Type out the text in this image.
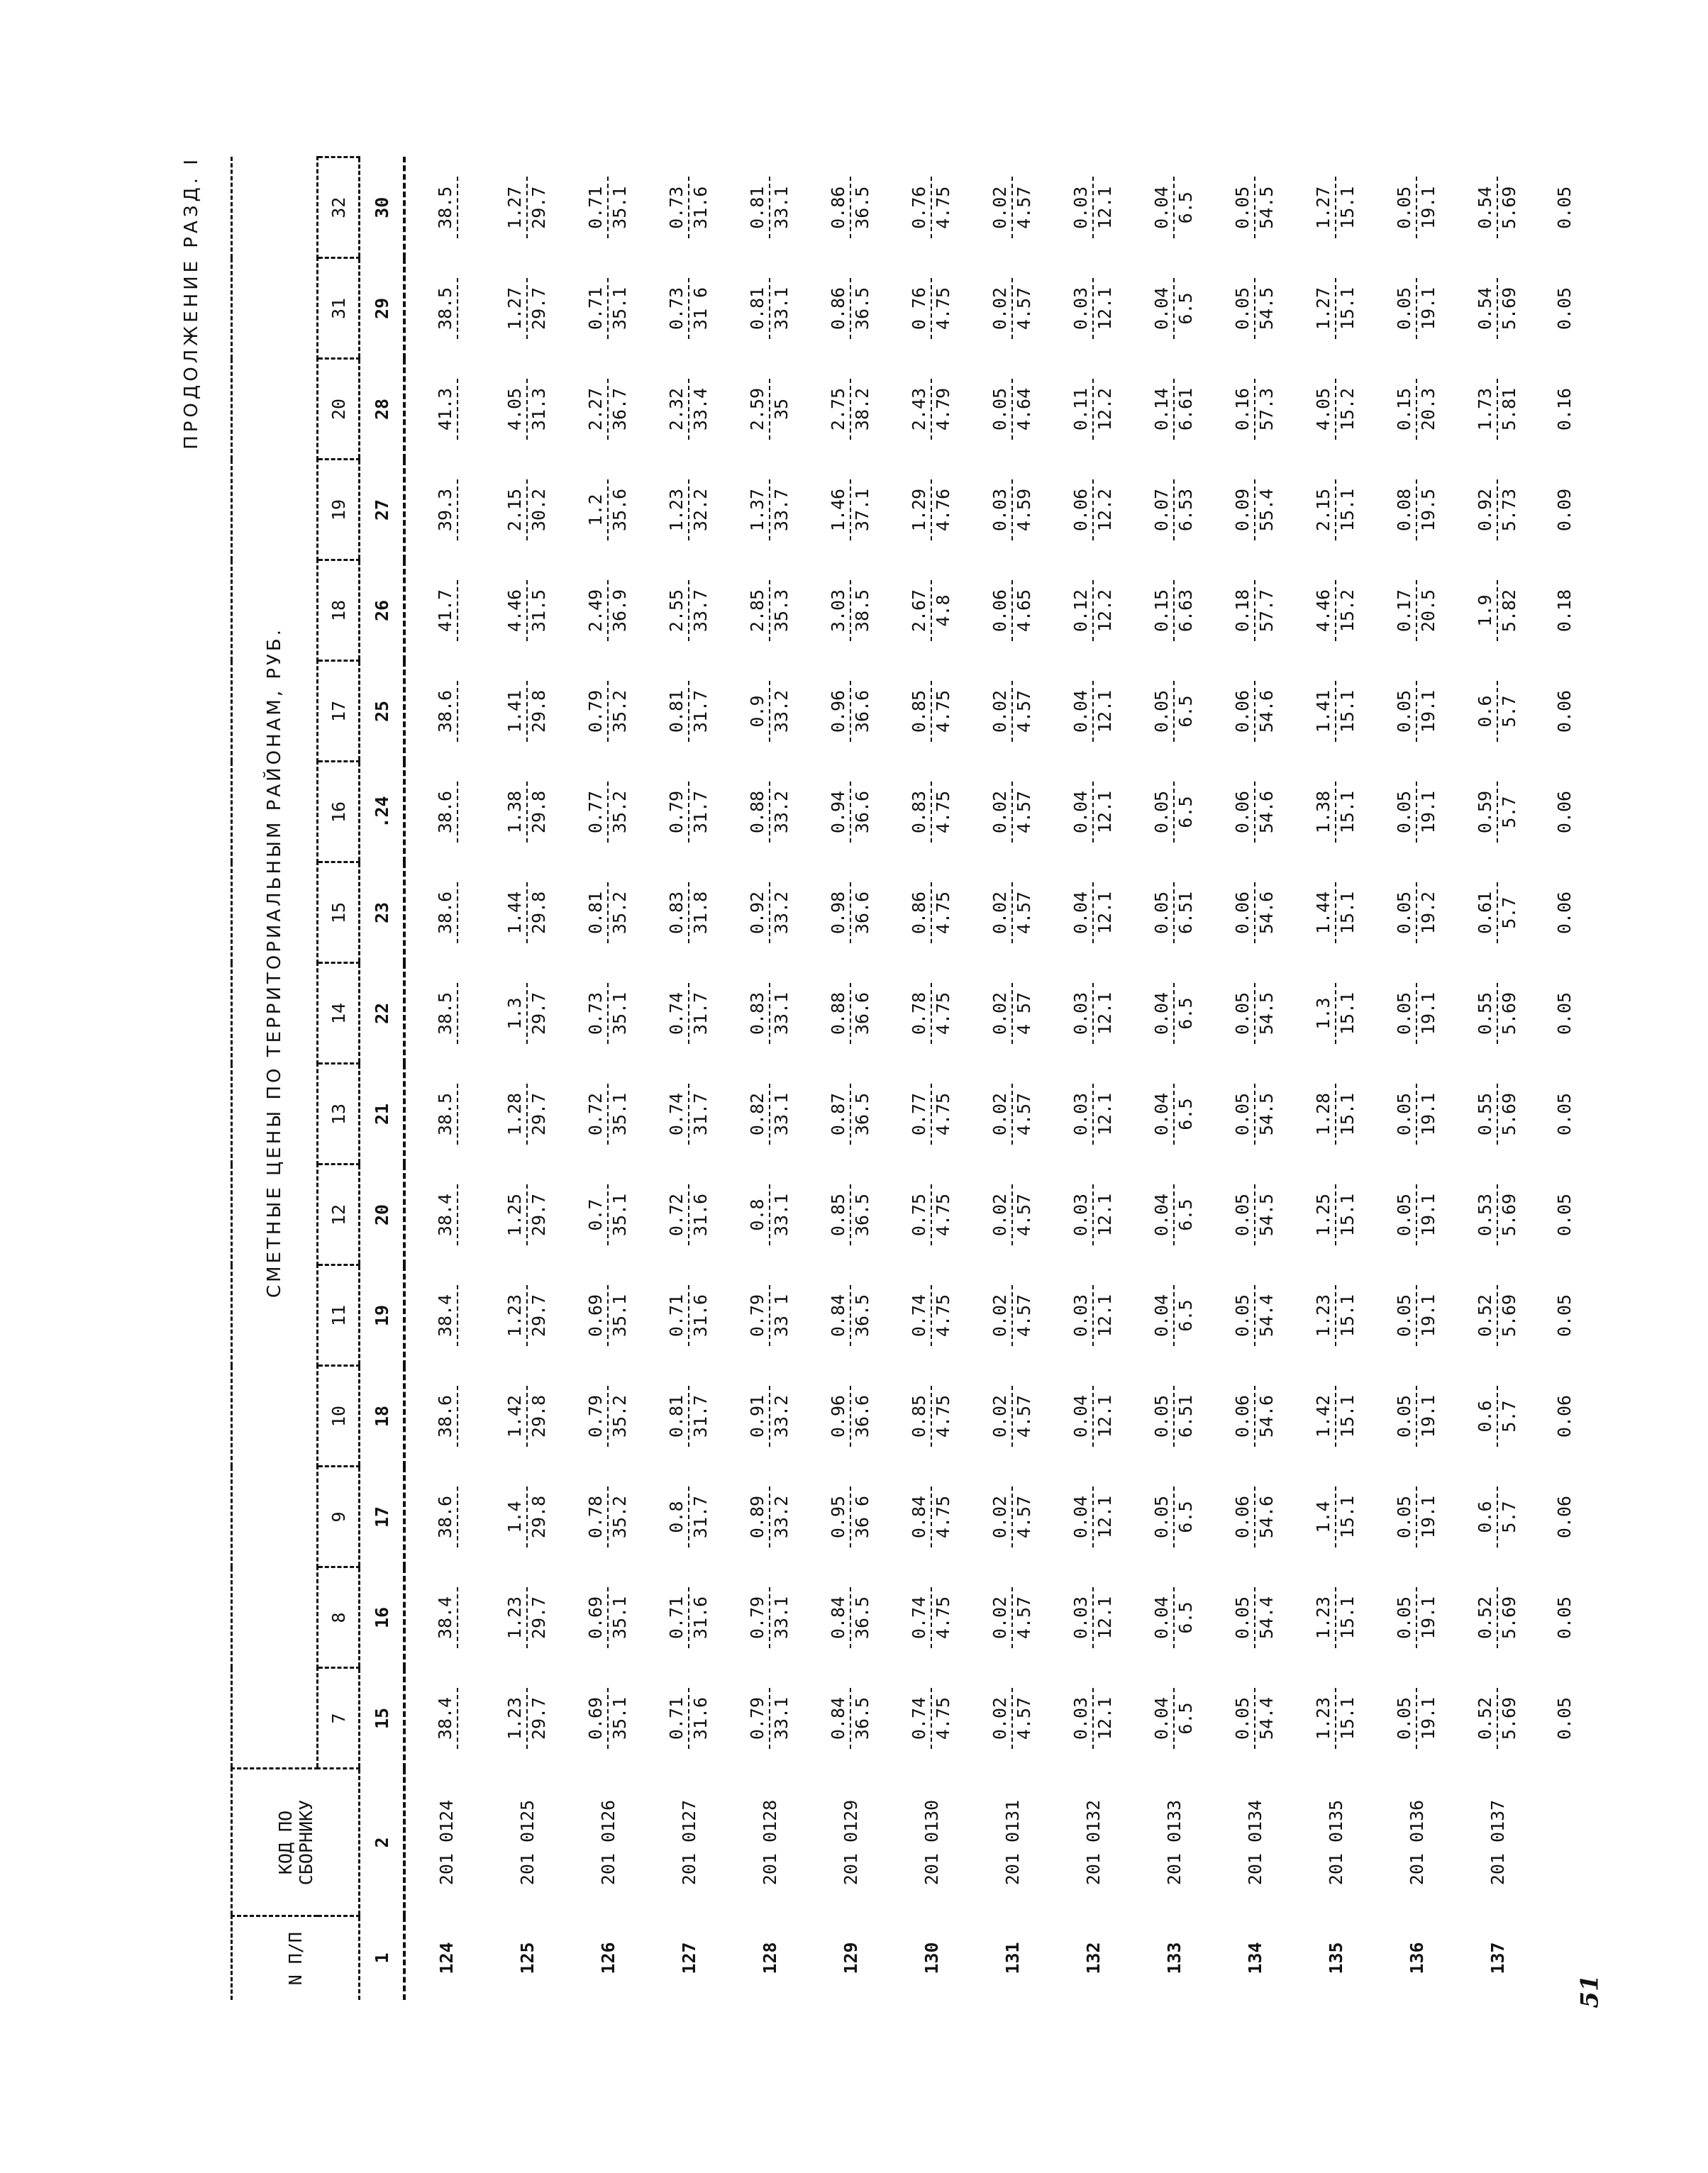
ПРОДОЛЖЕНИЕ РАЗД. I
N П/П	КОД ПО СБОРНИКУ	СМЕТНЫЕ ЦЕНЫ ПО ТЕРРИТОРИАЛЬНЫМ РАЙОНАМ, РУБ.															
		7	8	9	10	11	12	13	14	15	16	17	18	19	20	31	32
1	2	15	16	17	18	19	20	21	22	23	.24	25	26	27	28	29	30
124	201 0124	38.4	38.4	38.6	38.6	38.4	38.4	38.5	38.5	38.6	38.6	38.6	41.7	39.3	41.3	38.5	38.5

125	201 0125	1.23 29.7	1.23 29.7	1.4 29.8	1.42 29.8	1.23 29.7	1.25 29.7	1.28 29.7	1.3 29.7	1.44 29.8	1.38 29.8	1.41 29.8	4.46 31.5	2.15 30.2	4.05 31.3	1.27 29.7	1.27 29.7

126	201 0126	0.69 35.1	0.69 35.1	0.78 35.2	0.79 35.2	0.69 35.1	0.7 35.1	0.72 35.1	0.73 35.1	0.81 35.2	0.77 35.2	0.79 35.2	2.49 36.9	1.2 35.6	2.27 36.7	0.71 35.1	0.71 35.1

127	201 0127	0.71 31.6	0.71 31.6	0.8 31.7	0.81 31.7	0.71 31.6	0.72 31.6	0.74 31.7	0.74 31.7	0.83 31.8	0.79 31.7	0.81 31.7	2.55 33.7	1.23 32.2	2.32 33.4	0.73 31 6	0.73 31.6

128	201 0128	0.79 33.1	0.79 33.1	0.89 33.2	0.91 33.2	0.79 33 1	0.8 33.1	0.82 33.1	0.83 33.1	0.92 33.2	0.88 33.2	0.9 33.2	2.85 35.3	1.37 33.7	2.59 35	0.81 33.1	0.81 33.1

129	201 0129	0.84 36.5	0.84 36.5	0.95 36 6	0.96 36.6	0.84 36.5	0.85 36.5	0.87 36.5	0.88 36.6	0.98 36.6	0.94 36.6	0.96 36.6	3.03 38.5	1.46 37.1	2.75 38.2	0.86 36.5	0.86 36.5

130	201 0130	0.74 4.75	0.74 4.75	0.84 4.75	0.85 4.75	0.74 4.75	0.75 4.75	0.77 4.75	0.78 4.75	0.86 4.75	0.83 4.75	0.85 4.75	2.67 4.8	1.29 4.76	2.43 4.79	0 76 4.75	0.76 4.75

131	201 0131	0.02 4.57	0.02 4.57	0.02 4.57	0.02 4.57	0.02 4.57	0.02 4.57	0.02 4.57	0.02 4 57	0.02 4.57	0.02 4.57	0.02 4.57	0.06 4.65	0.03 4.59	0.05 4.64	0.02 4.57	0.02 4.57

132	201 0132	0.03 12.1	0.03 12.1	0.04 12.1	0.04 12.1	0.03 12.1	0.03 12.1	0.03 12.1	0.03 12.1	0.04 12.1	0.04 12.1	0.04 12.1	0.12 12.2	0.06 12.2	0.11 12.2	0.03 12.1	0.03 12.1

133	201 0133	0.04 6.5	0.04 6.5	0.05 6.5	0.05 6.51	0.04 6.5	0.04 6.5	0.04 6.5	0.04 6.5	0.05 6.51	0.05 6.5	0.05 6.5	0.15 6.63	0.07 6.53	0.14 6.61	0.04 6.5	0.04 6.5

134	201 0134	0.05 54.4	0.05 54.4	0.06 54.6	0.06 54.6	0.05 54.4	0.05 54.5	0.05 54.5	0.05 54.5	0.06 54.6	0.06 54.6	0.06 54.6	0.18 57.7	0.09 55.4	0.16 57.3	0.05 54.5	0.05 54.5

135	201 0135	1.23 15.1	1.23 15.1	1.4 15.1	1.42 15.1	1.23 15.1	1.25 15.1	1.28 15.1	1.3 15.1	1.44 15.1	1.38 15.1	1.41 15.1	4.46 15.2	2.15 15.1	4.05 15.2	1.27 15.1	1.27 15.1

136	201 0136	0.05 19.1	0.05 19.1	0.05 19.1	0.05 19.1	0.05 19.1	0.05 19.1	0.05 19.1	0.05 19.1	0.05 19.2	0.05 19.1	0.05 19.1	0.17 20.5	0.08 19.5	0.15 20.3	0.05 19.1	0.05 19.1

137	201 0137	0.52 5.69	0.52 5.69	0.6 5.7	0.6 5.7	0.52 5.69	0.53 5.69	0.55 5.69	0.55 5.69	0.61 5.7	0.59 5.7	0.6 5.7	1.9 5.82	0.92 5.73	1.73 5.81	0.54 5.69	0.54 5.69

		0.05	0.05	0.06	0.06	0.05	0.05	0.05	0.05	0.06	0.06	0.06	0.18	0.09	0.16	0.05	0.05
51
